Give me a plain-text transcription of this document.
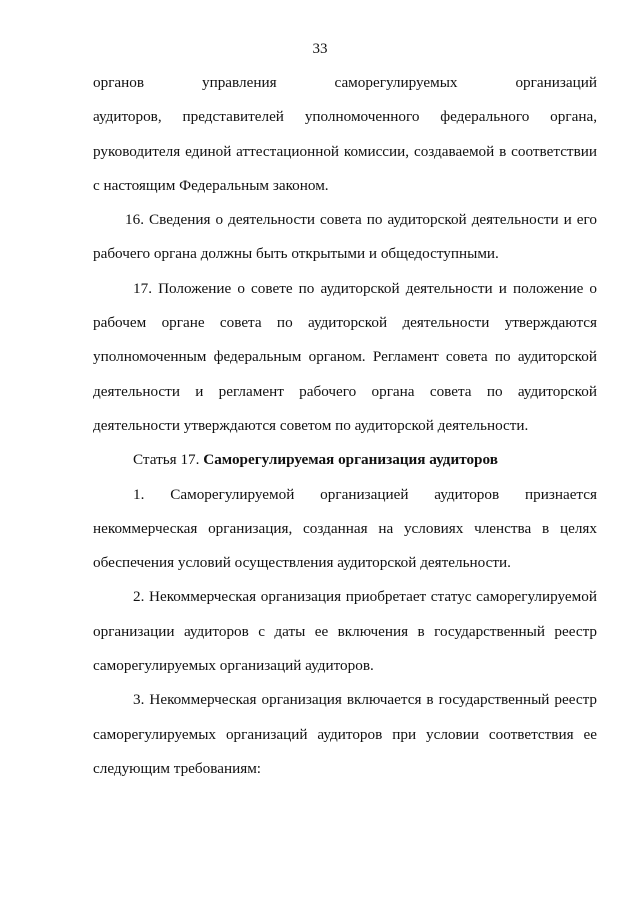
33
органов управления саморегулируемых организаций
аудиторов, представителей уполномоченного федерального органа,
руководителя единой аттестационной комиссии, создаваемой в соответствии
с настоящим Федеральным законом.
16. Сведения о деятельности совета по аудиторской деятельности и его
рабочего органа должны быть открытыми и общедоступными.
17. Положение о совете по аудиторской деятельности и положение о
рабочем органе совета по аудиторской деятельности утверждаются
уполномоченным федеральным органом. Регламент совета по аудиторской
деятельности и регламент рабочего органа совета по аудиторской
деятельности утверждаются советом по аудиторской деятельности.
Статья 17. Саморегулируемая организация аудиторов
1. Саморегулируемой организацией аудиторов признается
некоммерческая организация, созданная на условиях членства в целях
обеспечения условий осуществления аудиторской деятельности.
2. Некоммерческая организация приобретает статус саморегулируемой
организации аудиторов с даты ее включения в государственный реестр
саморегулируемых организаций аудиторов.
3. Некоммерческая организация включается в государственный реестр
саморегулируемых организаций аудиторов при условии соответствия ее
следующим требованиям:
